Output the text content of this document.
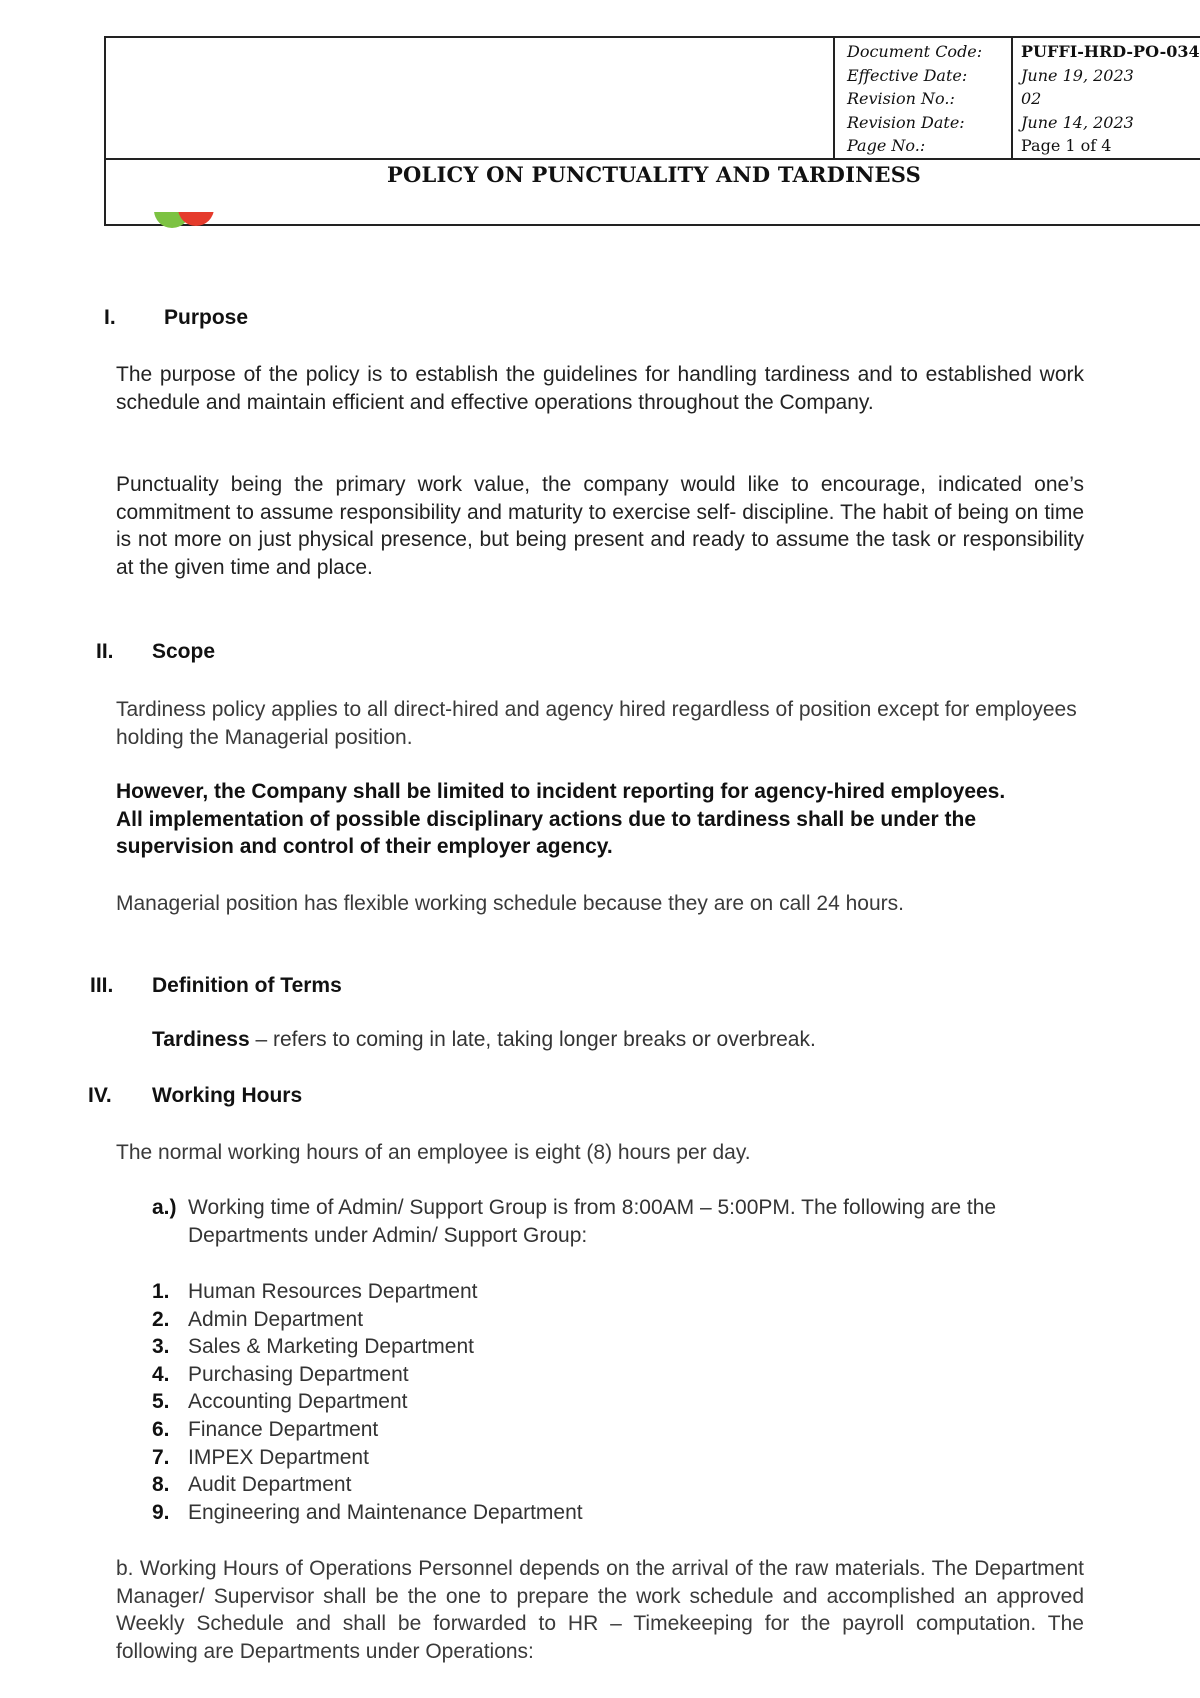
Document Code:
Effective Date:
Revision No.:
Revision Date:
Page No.:
PUFFI-HRD-PO-034
June 19, 2023
02
June 14, 2023
Page 1 of 4
POLICY ON PUNCTUALITY AND TARDINESS
I. Purpose

The purpose of the policy is to establish the guidelines for handling tardiness and to established work schedule and maintain efficient and effective operations throughout the Company.

Punctuality being the primary work value, the company would like to encourage, indicated one’s commitment to assume responsibility and maturity to exercise self- discipline. The habit of being on time is not more on just physical presence, but being present and ready to assume the task or responsibility at the given time and place.

II. Scope

Tardiness policy applies to all direct-hired and agency hired regardless of position except for employees holding the Managerial position.

However, the Company shall be limited to incident reporting for agency-hired employees. All implementation of possible disciplinary actions due to tardiness shall be under the supervision and control of their employer agency.

Managerial position has flexible working schedule because they are on call 24 hours.

III. Definition of Terms
Tardiness – refers to coming in late, taking longer breaks or overbreak.
IV. Working Hours

The normal working hours of an employee is eight (8) hours per day.

a.) Working time of Admin/ Support Group is from 8:00AM – 5:00PM. The following are the Departments under Admin/ Support Group:
1. Human Resources Department
2. Admin Department
3. Sales & Marketing Department
4. Purchasing Department
5. Accounting Department
6. Finance Department
7. IMPEX Department
8. Audit Department
9. Engineering and Maintenance Department

b. Working Hours of Operations Personnel depends on the arrival of the raw materials. The Department Manager/ Supervisor shall be the one to prepare the work schedule and accomplished an approved Weekly Schedule and shall be forwarded to HR – Timekeeping for the payroll computation. The following are Departments under Operations:
